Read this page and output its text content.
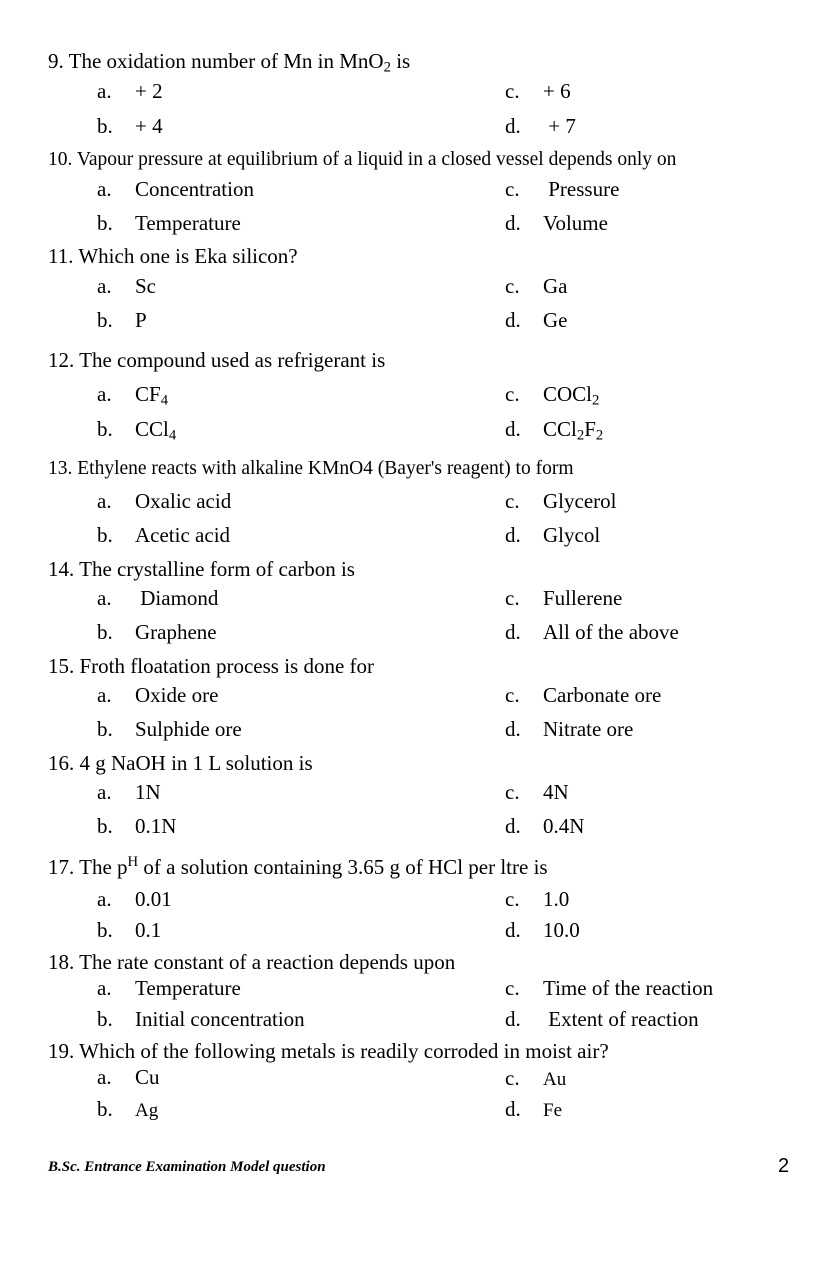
9. The oxidation number of Mn in MnO$_2$ is
a. + 2
b. + 4
c. + 6
d. + 7
10. Vapour pressure at equilibrium of a liquid in a closed vessel depends only on
a. Concentration
b. Temperature
c. Pressure
d. Volume
11. Which one is Eka silicon?
a. Sc
b. P
c. Ga
d. Ge
12. The compound used as refrigerant is
a. $CF_4$
b. CCl$_4$
c. COCl$_2$
d. $CCl_2F_2$
13. Ethylene reacts with alkaline KMnO4 (Bayer's reagent) to form
a. Oxalic acid
b. Acetic acid
c. Glycerol
d. Glycol
14. The crystalline form of carbon is
a. Diamond
b. Graphene
c. Fullerene
d. All of the above
15. Froth floatation process is done for
a. Oxide ore
b. Sulphide ore
c. Carbonate ore
d. Nitrate ore
16. 4 g NaOH in 1 L solution is
a. 1N
b. 0.1N
c. 4N
d. 0.4N
17. The $p^H$ of a solution containing 3.65 g of HCl per ltre is
a. 0.01
b. 0.1
c. 1.0
d. 10.0
18. The rate constant of a reaction depends upon
a. Temperature
b. Initial concentration
c. Time of the reaction
d. Extent of reaction
19. Which of the following metals is readily corroded in moist air?
a. Cu
b. Ag
c. Au
d. Fe
B.Sc. Entrance Examination Model question	2
